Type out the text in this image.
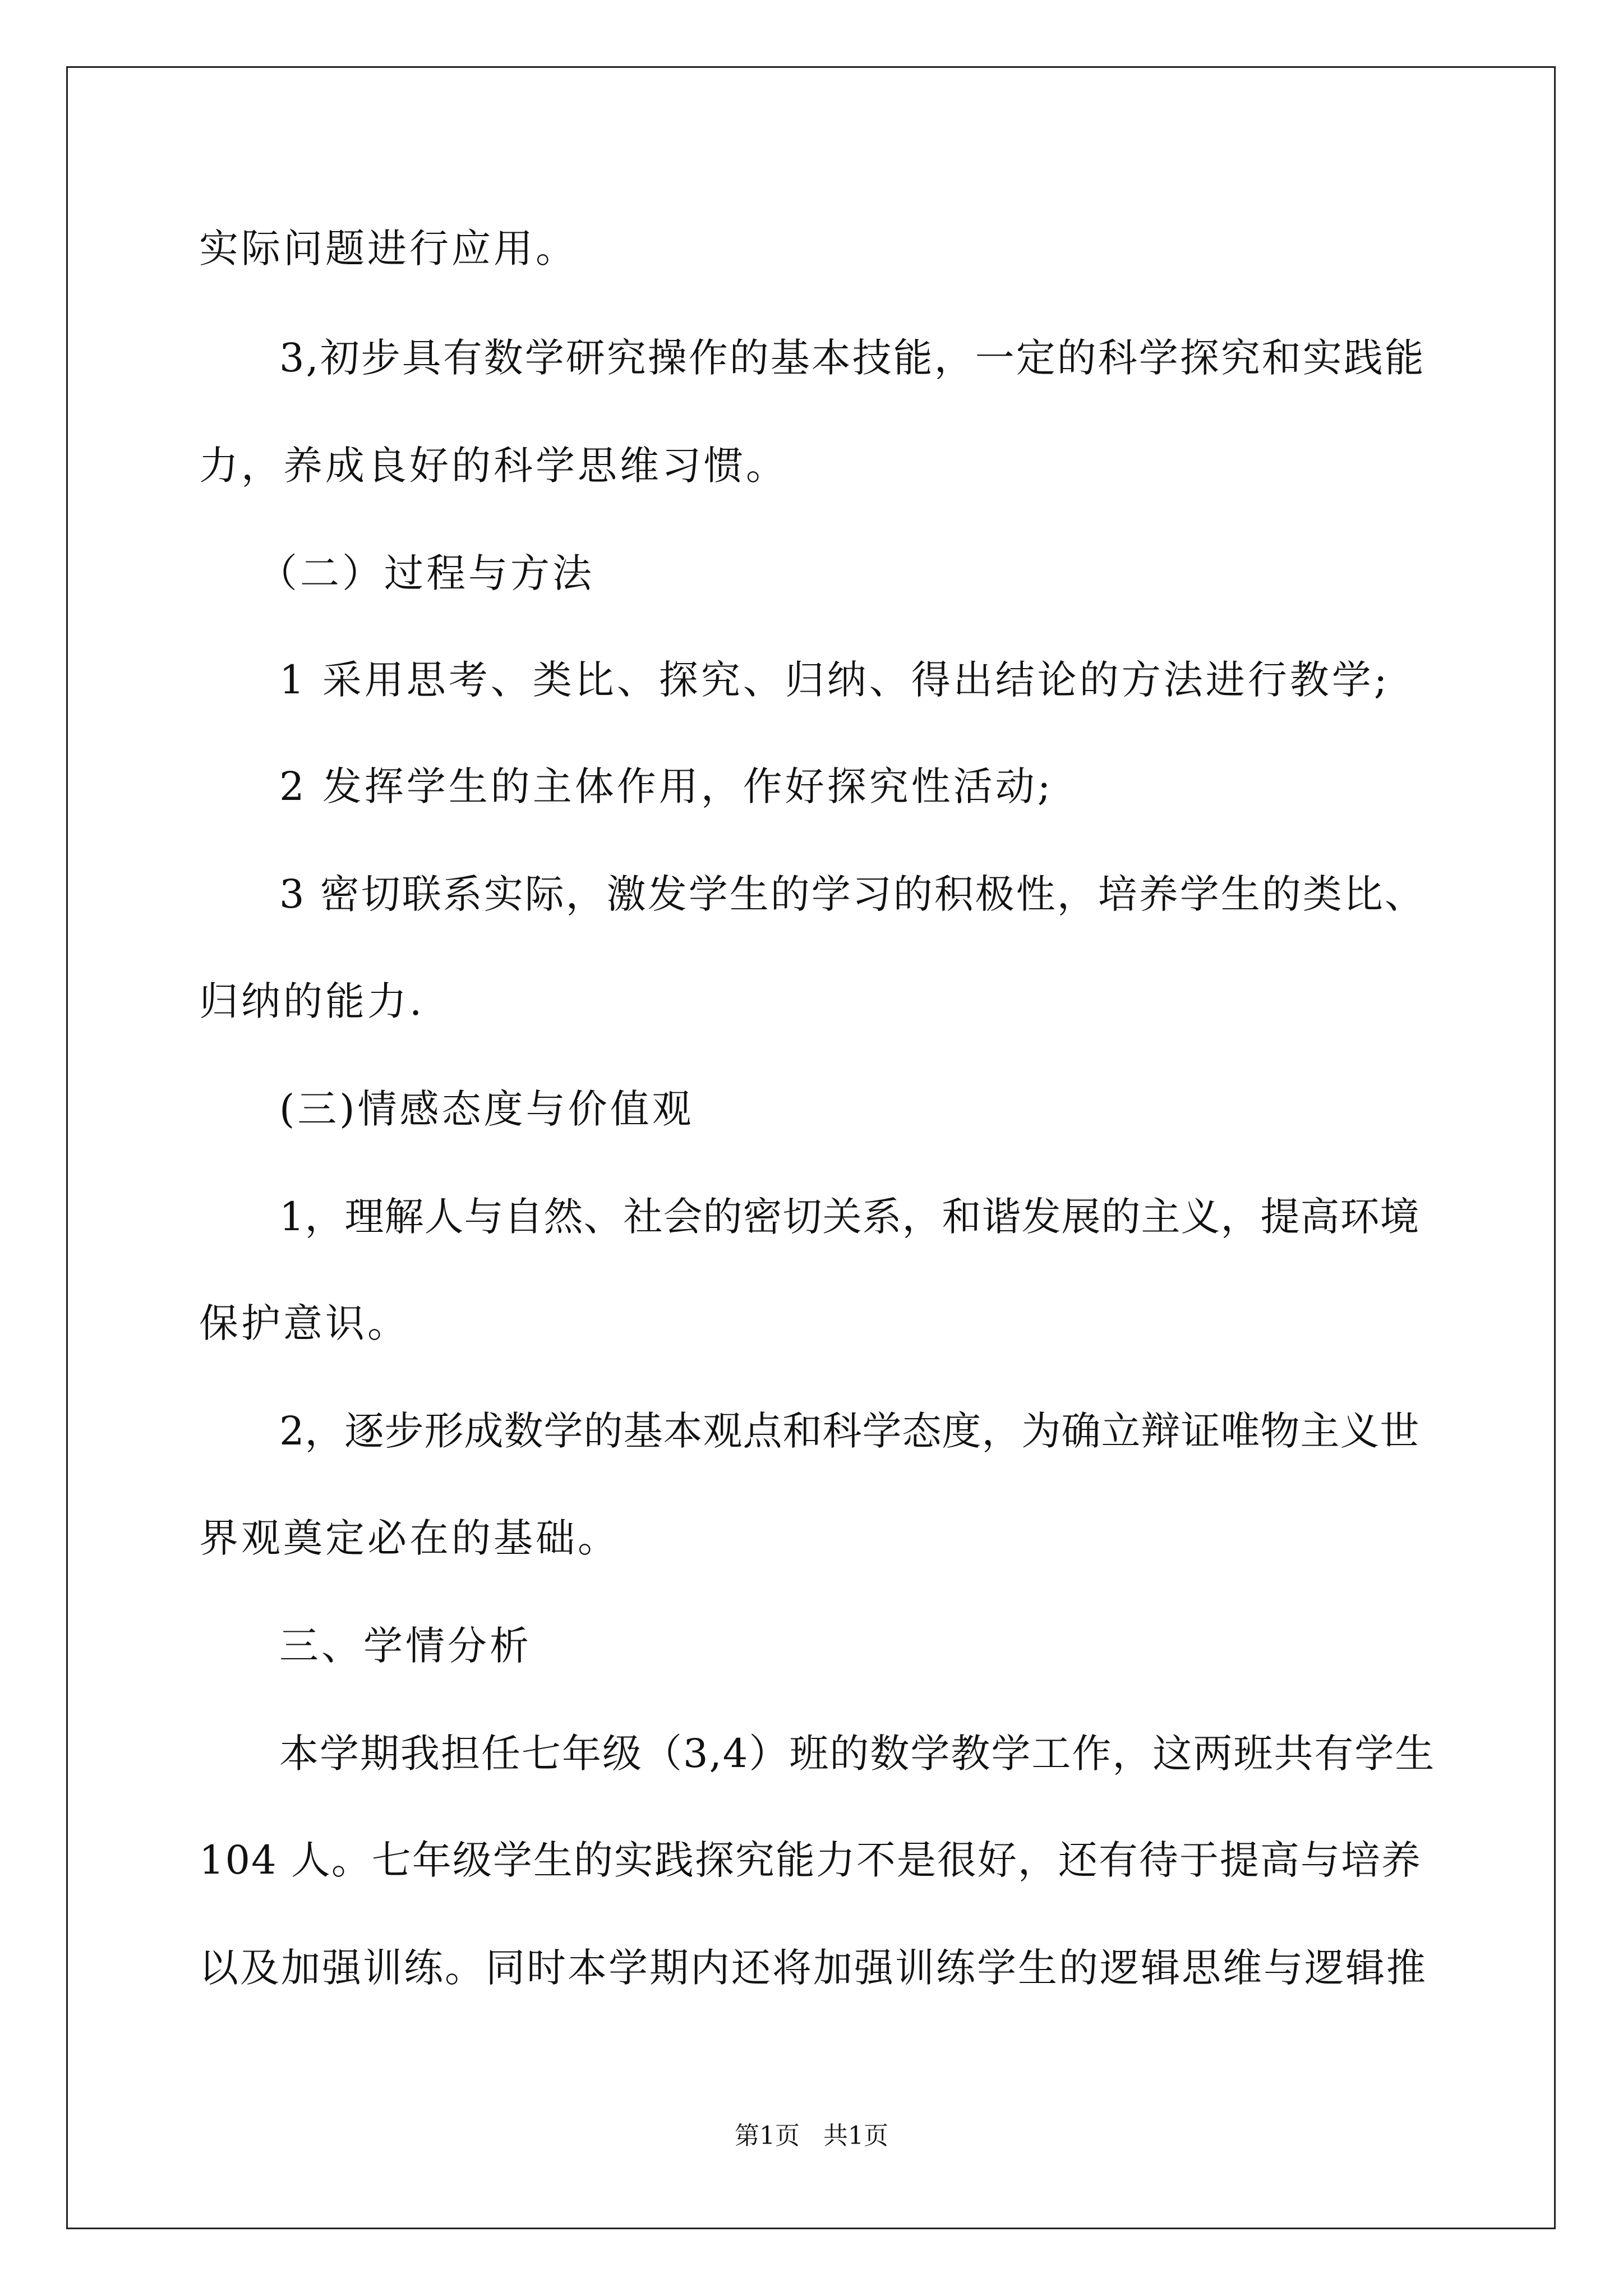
实际问题进行应用。
3,初步具有数学研究操作的基本技能，一定的科学探究和实践能
力，养成良好的科学思维习惯。
（二）过程与方法
1 采用思考、类比、探究、归纳、得出结论的方法进行教学;
2 发挥学生的主体作用，作好探究性活动;
3 密切联系实际，激发学生的学习的积极性，培养学生的类比、
归纳的能力.
(三)情感态度与价值观
1，理解人与自然、社会的密切关系，和谐发展的主义，提高环境
保护意识。
2，逐步形成数学的基本观点和科学态度，为确立辩证唯物主义世
界观奠定必在的基础。
三、学情分析
本学期我担任七年级（3,4）班的数学教学工作，这两班共有学生
104 人。七年级学生的实践探究能力不是很好，还有待于提高与培养
以及加强训练。同时本学期内还将加强训练学生的逻辑思维与逻辑推
第1页   共1页
